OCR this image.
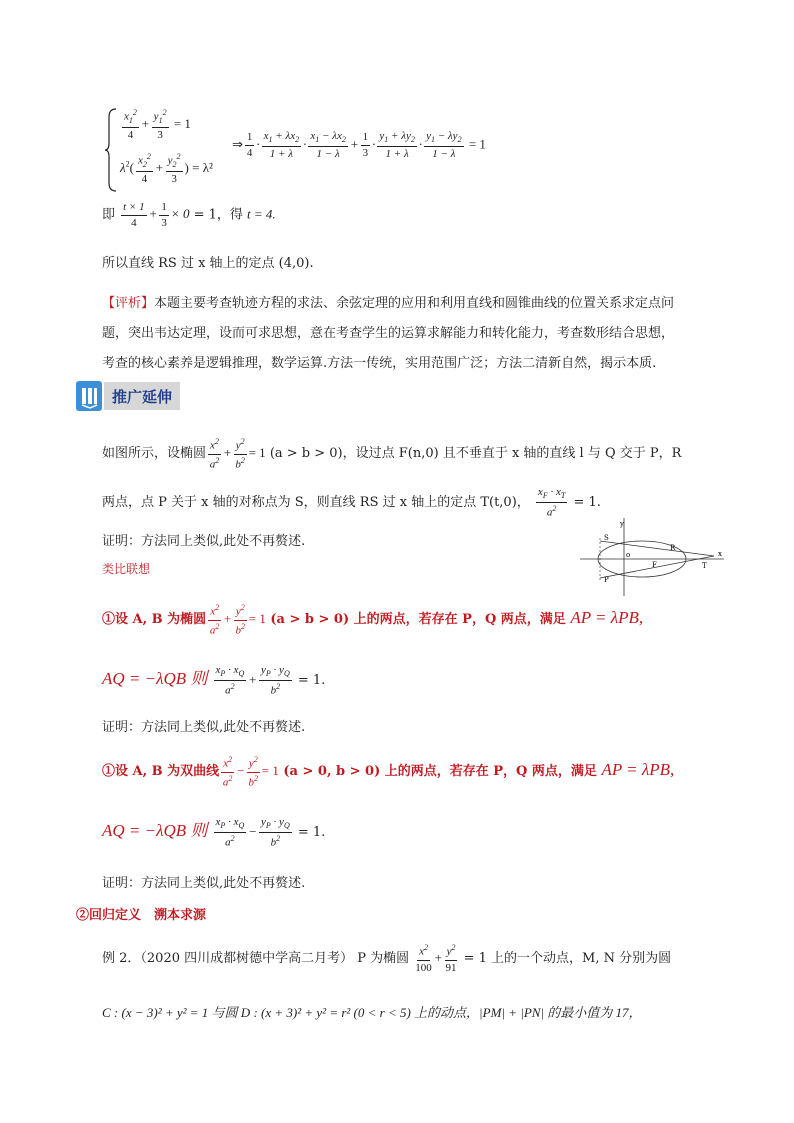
$\frac{x_1^2}{4} + \frac{y_1^2}{3} = 1$
$\lambda^2( \frac{x_2^2}{4} + \frac{y_2^2}{3}$ ) = λ²
⇒ $\frac{1}{4} \cdot \frac{x_1 + \lambda x_2}{1 + \lambda} \cdot \frac{x_1 - \lambda x_2}{1 - \lambda} + \frac{1}{3} \cdot \frac{y_1 + \lambda y_2}{1 + \lambda} \cdot \frac{y_1 - \lambda y_2}{1 - \lambda} = 1$
即 $\frac{t \times 1}{4} + \frac{1}{3} \times 0 = 1$，得 t = 4.
所以直线 RS 过 x 轴上的定点 (4,0).
【评析】本题主要考查轨迹方程的求法、余弦定理的应用和利用直线和圆锥曲线的位置关系求定点问
题，突出韦达定理，设而可求思想，意在考查学生的运算求解能力和转化能力，考查数形结合思想，
考查的核心素养是逻辑推理，数学运算.方法一传统，实用范围广泛；方法二清新自然，揭示本质.
推广延伸
如图所示，设椭圆 $\frac{x^2}{a^2} + \frac{y^2}{b^2} = 1$ (a > b > 0)，设过点 F(n,0) 且不垂直于 x 轴的直线 l 与 Q 交于 P，R
两点，点 P 关于 x 轴的对称点为 S，则直线 RS 过 x 轴上的定点 T(t,0)， $\frac{x_F \cdot x_T}{a^2} = 1$.
证明：方法同上类似,此处不再赘述.
y
S
R
o
F	T
x
P
类比联想
①设 A, B 为椭圆 $\frac{x^2}{a^2} + \frac{y^2}{b^2} = 1$ (a > b > 0) 上的两点，若存在 P，Q 两点，满足 AP = λPB,
AQ = −λQB 则 $\frac{x_P \cdot x_Q}{a^2} + \frac{y_P \cdot y_Q}{b^2} = 1$.
证明：方法同上类似,此处不再赘述.
①设 A, B 为双曲线 $\frac{x^2}{a^2} - \frac{y^2}{b^2} = 1$ (a > 0, b > 0) 上的两点，若存在 P，Q 两点，满足 AP = λPB,
AQ = −λQB 则 $\frac{x_P \cdot x_Q}{a^2} - \frac{y_P \cdot y_Q}{b^2} = 1$.
证明：方法同上类似,此处不再赘述.
②回归定义　溯本求源
例 2．（2020 四川成都树德中学高二月考） P 为椭圆 $\frac{x^2}{100} + \frac{y^2}{91} = 1$ 上的一个动点，M, N 分别为圆
C : (x − 3)² + y² = 1 与圆 D : (x + 3)² + y² = r² (0 < r < 5) 上的动点，|PM| + |PN| 的最小值为 17，
